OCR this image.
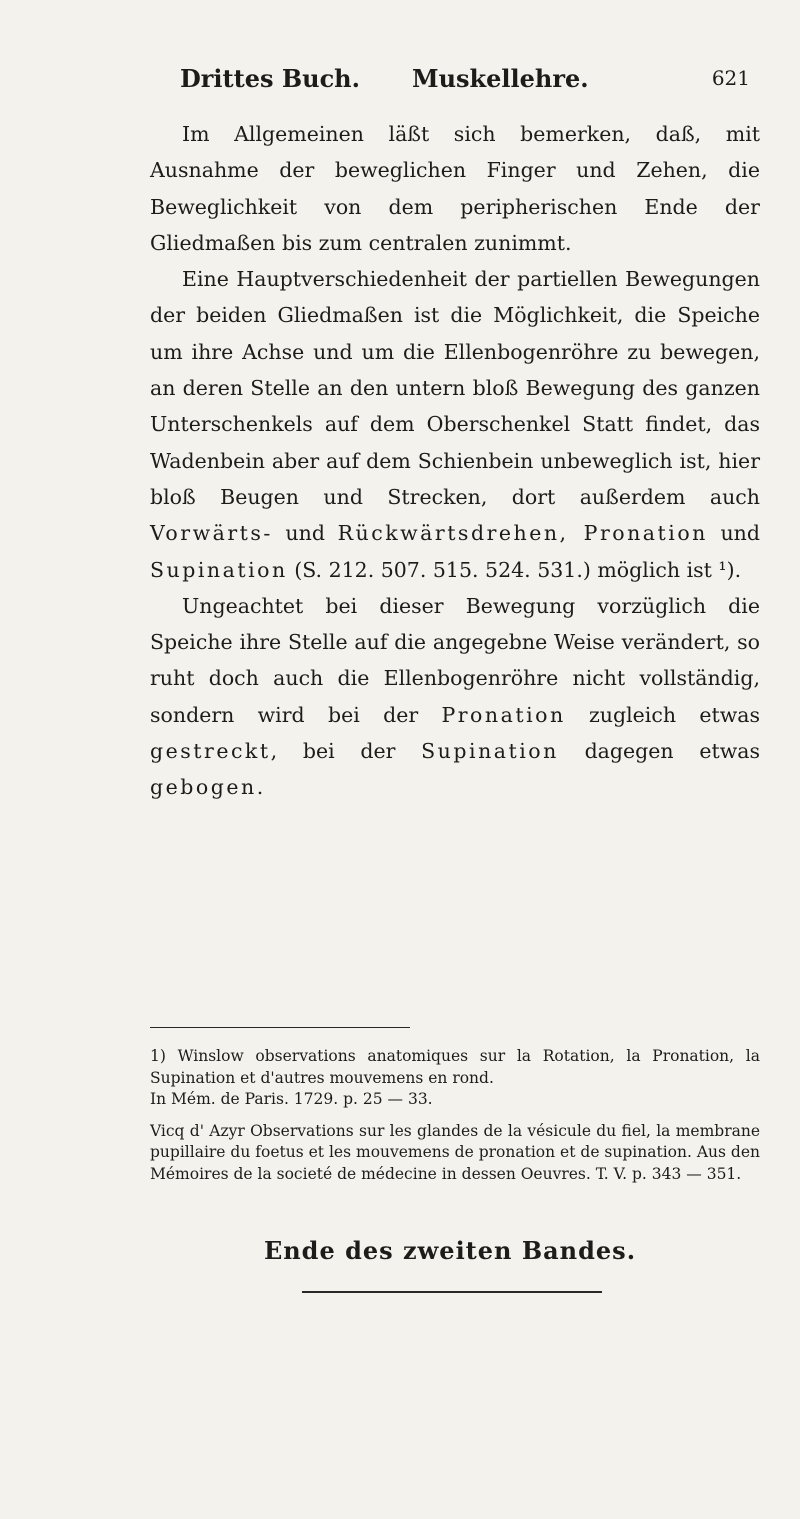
Drittes Buch. Muskellehre.	621

Im Allgemeinen läßt sich bemerken, daß, mit Ausnahme der beweglichen Finger und Zehen, die Beweglichkeit von dem peripherischen Ende der Gliedmaßen bis zum centralen zunimmt.

Eine Hauptverschiedenheit der partiellen Bewegungen der beiden Gliedmaßen ist die Möglichkeit, die Speiche um ihre Achse und um die Ellenbogenröhre zu bewegen, an deren Stelle an den untern bloß Bewegung des ganzen Unterschenkels auf dem Oberschenkel Statt findet, das Wadenbein aber auf dem Schienbein unbeweglich ist, hier bloß Beugen und Strecken, dort außerdem auch Vorwärts- und Rückwärtsdrehen, Pronation und Supination (S. 212. 507. 515. 524. 531.) möglich ist ¹).

Ungeachtet bei dieser Bewegung vorzüglich die Speiche ihre Stelle auf die angegebne Weise verändert, so ruht doch auch die Ellenbogenröhre nicht vollständig, sondern wird bei der Pronation zugleich etwas gestreckt, bei der Supination dagegen etwas gebogen.

1) Winslow observations anatomiques sur la Rotation, la Pronation, la Supination et d'autres mouvemens en rond.
In Mém. de Paris. 1729. p. 25 — 33.

Vicq d' Azyr Observations sur les glandes de la vésicule du fiel, la membrane pupillaire du foetus et les mouvemens de pronation et de supination. Aus den Mémoires de la societé de médecine in dessen Oeuvres. T. V. p. 343 — 351.

Ende des zweiten Bandes.
